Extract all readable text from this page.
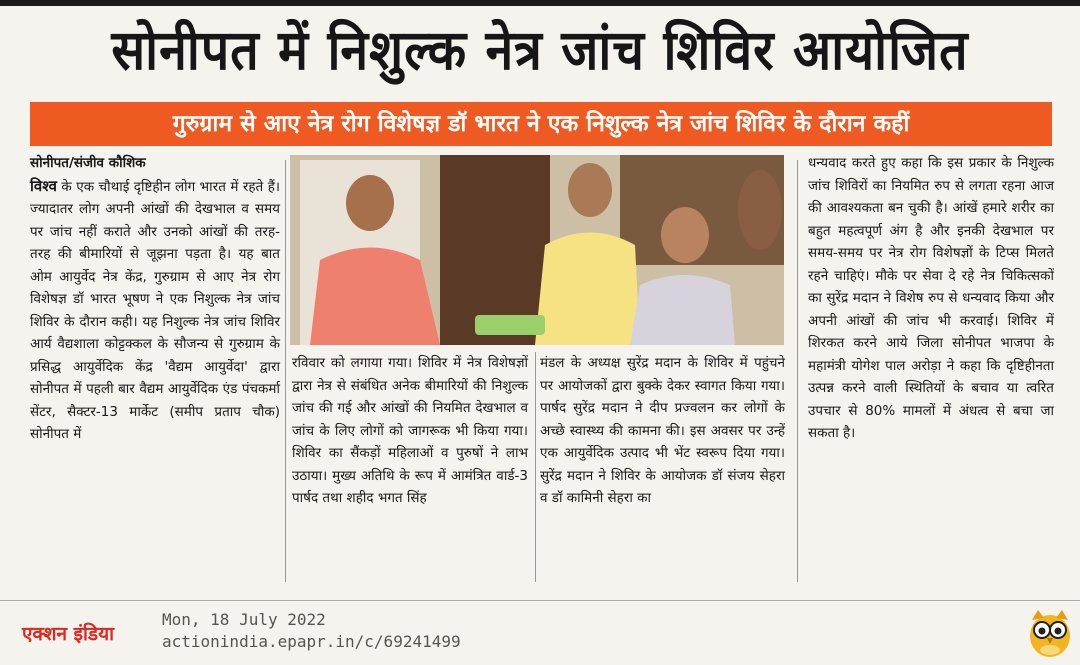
सोनीपत में निशुल्क नेत्र जांच शिविर आयोजित
गुरुग्राम से आए नेत्र रोग विशेषज्ञ डॉ भारत ने एक निशुल्क नेत्र जांच शिविर के दौरान कहीं
सोनीपत/संजीव कौशिक
विश्व के एक चौथाई दृष्टिहीन लोग भारत में रहते हैं। ज्यादातर लोग अपनी आंखों की देखभाल व समय पर जांच नहीं कराते और उनको आंखों की तरह-तरह की बीमारियों से जूझना पड़ता है। यह बात ओम आयुर्वेद नेत्र केंद्र, गुरुग्राम से आए नेत्र रोग विशेषज्ञ डॉ भारत भूषण ने एक निशुल्क नेत्र जांच शिविर के दौरान कही। यह निशुल्क नेत्र जांच शिविर आर्य वैद्यशाला कोट्टक्कल के सौजन्य से गुरुग्राम के प्रसिद्ध आयुर्वेदिक केंद्र 'वैद्यम आयुर्वेदा' द्वारा सोनीपत में पहली बार वैद्यम आयुर्वेदिक एंड पंचकर्मा सेंटर, सैक्टर-13 मार्केट (समीप प्रताप चौक) सोनीपत में
रविवार को लगाया गया। शिविर में नेत्र विशेषज्ञों द्वारा नेत्र से संबंधित अनेक बीमारियों की निशुल्क जांच की गई और आंखों की नियमित देखभाल व जांच के लिए लोगों को जागरूक भी किया गया। शिविर का सैंकड़ों महिलाओं व पुरुषों ने लाभ उठाया। मुख्य अतिथि के रूप में आमंत्रित वार्ड-3 पार्षद तथा शहीद भगत सिंह
मंडल के अध्यक्ष सुरेंद्र मदान के शिविर में पहुंचने पर आयोजकों द्वारा बुक्के देकर स्वागत किया गया। पार्षद सुरेंद्र मदान ने दीप प्रज्वलन कर लोगों के अच्छे स्वास्थ्य की कामना की। इस अवसर पर उन्हें एक आयुर्वेदिक उत्पाद भी भेंट स्वरूप दिया गया। सुरेंद्र मदान ने शिविर के आयोजक डॉ संजय सेहरा व डॉ कामिनी सेहरा का
धन्यवाद करते हुए कहा कि इस प्रकार के निशुल्क जांच शिविरों का नियमित रुप से लगता रहना आज की आवश्यकता बन चुकी है। आंखें हमारे शरीर का बहुत महत्वपूर्ण अंग है और इनकी देखभाल पर समय-समय पर नेत्र रोग विशेषज्ञों के टिप्स मिलते रहने चाहिएं। मौके पर सेवा दे रहे नेत्र चिकित्सकों का सुरेंद्र मदान ने विशेष रुप से धन्यवाद किया और अपनी आंखों की जांच भी करवाई। शिविर में शिरकत करने आये जिला सोनीपत भाजपा के महामंत्री योगेश पाल अरोड़ा ने कहा कि दृष्टिहीनता उत्पन्न करने वाली स्थितियों के बचाव या त्वरित उपचार से 80% मामलों में अंधत्व से बचा जा सकता है।
एक्शन इंडिया
Mon, 18 July 2022
actionindia.epapr.in/c/69241499
